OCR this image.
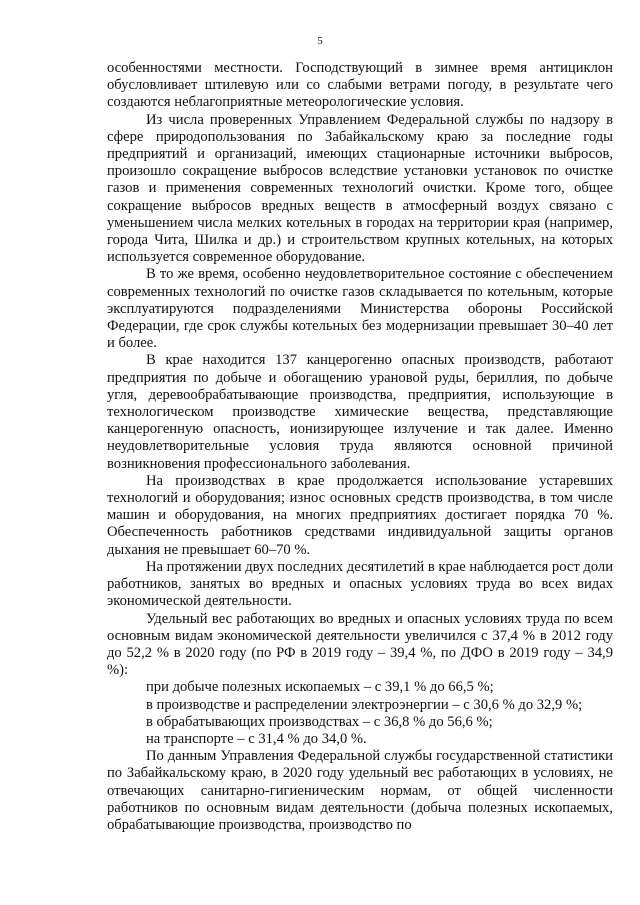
5

особенностями местности. Господствующий в зимнее время антициклон обусловливает штилевую или со слабыми ветрами погоду, в результате чего создаются неблагоприятные метеорологические условия.

Из числа проверенных Управлением Федеральной службы по надзору в сфере природопользования по Забайкальскому краю за последние годы предприятий и организаций, имеющих стационарные источники выбросов, произошло сокращение выбросов вследствие установки установок по очистке газов и применения современных технологий очистки. Кроме того, общее сокращение выбросов вредных веществ в атмосферный воздух связано с уменьшением числа мелких котельных в городах на территории края (например, города Чита, Шилка и др.) и строительством крупных котельных, на которых используется современное оборудование.

В то же время, особенно неудовлетворительное состояние с обеспечением современных технологий по очистке газов складывается по котельным, которые эксплуатируются подразделениями Министерства обороны Российской Федерации, где срок службы котельных без модернизации превышает 30–40 лет и более.

В крае находится 137 канцерогенно опасных производств, работают предприятия по добыче и обогащению урановой руды, бериллия, по добыче угля, деревообрабатывающие производства, предприятия, использующие в технологическом производстве химические вещества, представляющие канцерогенную опасность, ионизирующее излучение и так далее. Именно неудовлетворительные условия труда являются основной причиной возникновения профессионального заболевания.

На производствах в крае продолжается использование устаревших технологий и оборудования; износ основных средств производства, в том числе машин и оборудования, на многих предприятиях достигает порядка 70 %. Обеспеченность работников средствами индивидуальной защиты органов дыхания не превышает 60–70 %.

На протяжении двух последних десятилетий в крае наблюдается рост доли работников, занятых во вредных и опасных условиях труда во всех видах экономической деятельности.

Удельный вес работающих во вредных и опасных условиях труда по всем основным видам экономической деятельности увеличился с 37,4 % в 2012 году до 52,2 % в 2020 году (по РФ в 2019 году – 39,4 %, по ДФО в 2019 году – 34,9 %):

при добыче полезных ископаемых – с 39,1 % до 66,5 %;

в производстве и распределении электроэнергии – с 30,6 % до 32,9 %;

в обрабатывающих производствах – с 36,8 % до 56,6 %;

на транспорте – с 31,4 % до 34,0 %.

По данным Управления Федеральной службы государственной статистики по Забайкальскому краю, в 2020 году удельный вес работающих в условиях, не отвечающих санитарно-гигиеническим нормам, от общей численности работников по основным видам деятельности (добыча полезных ископаемых, обрабатывающие производства, производство по
